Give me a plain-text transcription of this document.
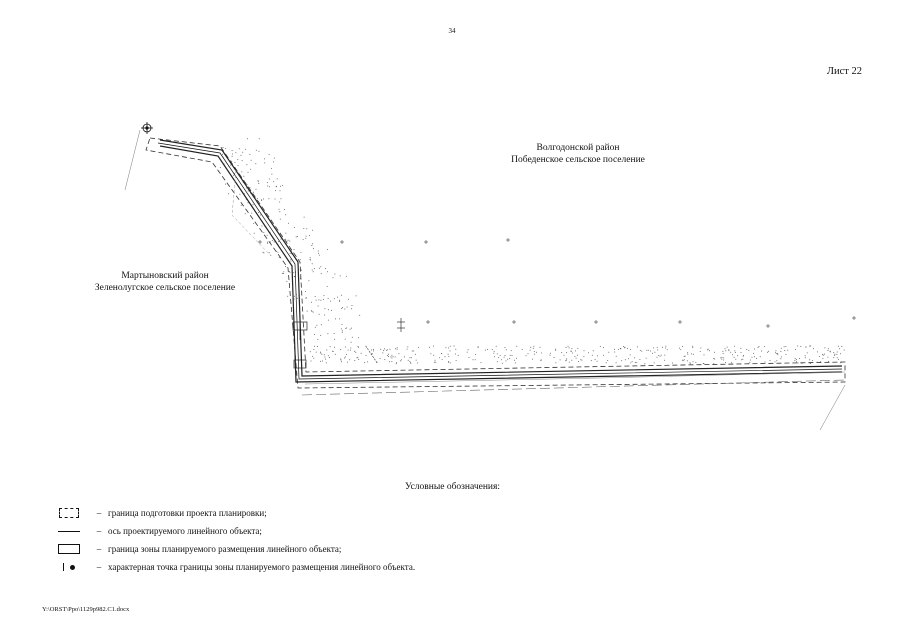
34
Лист 22
Волгодонской район
Победенское сельское поселение
Мартыновский район
Зеленолугское сельское поселение
Условные обозначения:
– граница подготовки проекта планировки;
– ось проектируемого линейного объекта;
– граница зоны планируемого размещения линейного объекта;
– характерная точка границы зоны планируемого размещения линейного объекта.
Y:\ORST\Ppo\1129p982.C1.docx
